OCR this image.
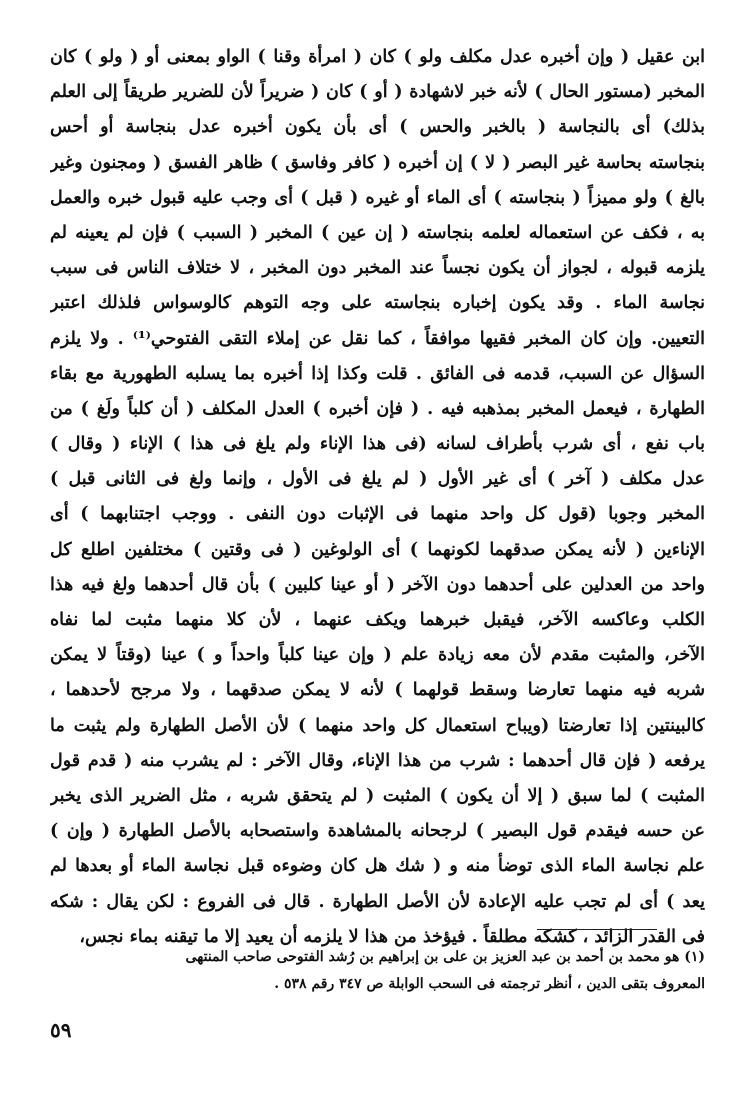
ابن عقيل ( وإن أخبره عدل مكلف ولو ) كان ( امرأة وقنا ) الواو بمعنى أو ( ولو ) كان
المخبر (مستور الحال ) لأنه خبر لاشهادة ( أو ) كان ( ضريراً لأن للضرير طريقاً إلى العلم
بذلك) أى بالنجاسة ( بالخبر والحس ) أى بأن يكون أخبره عدل بنجاسة أو أحس
بنجاسته بحاسة غير البصر ( لا ) إن أخبره ( كافر وفاسق ) ظاهر الفسق ( ومجنون وغير
بالغ ) ولو مميزاً ( بنجاسته ) أى الماء أو غيره ( قبل ) أى وجب عليه قبول خبره والعمل
به ، فكف عن استعماله لعلمه بنجاسته ( إن عين ) المخبر ( السبب ) فإن لم يعينه لم
يلزمه قبوله ، لجواز أن يكون نجساً عند المخبر دون المخبر ، لا ختلاف الناس فى سبب
نجاسة الماء . وقد يكون إخباره بنجاسته على وجه التوهم كالوسواس فلذلك اعتبر
التعيين. وإن كان المخبر فقيها موافقاً ، كما نقل عن إملاء التقى الفتوحي⁽¹⁾ . ولا يلزم
السؤال عن السبب، قدمه فى الفائق . قلت وكذا إذا أخبره بما يسلبه الطهورية مع بقاء
الطهارة ، فيعمل المخبر بمذهبه فيه . ( فإن أخبره ) العدل المكلف ( أن كلباً ولَغ ) من
باب نفع ، أى شرب بأطراف لسانه (فى هذا الإناء ولم يلغ فى هذا ) الإناء ( وقال )
عدل مكلف ( آخر ) أى غير الأول ( لم يلغ فى الأول ، وإنما ولغ فى الثانى قبل )
المخبر وجوبا (قول كل واحد منهما فى الإثبات دون النفى . ووجب اجتنابهما ) أى
الإناءين ( لأنه يمكن صدقهما لكونهما ) أى الولوغين ( فى وقتين ) مختلفين اطلع كل
واحد من العدلين على أحدهما دون الآخر ( أو عينا كلبين ) بأن قال أحدهما ولغ فيه هذا
الكلب وعاكسه الآخر، فيقبل خبرهما ويكف عنهما ، لأن كلا منهما مثبت لما نفاه
الآخر، والمثبت مقدم لأن معه زيادة علم ( وإن عينا كلباً واحداً و ) عينا (وقتاً لا يمكن
شربه فيه منهما تعارضا وسقط قولهما ) لأنه لا يمكن صدقهما ، ولا مرجح لأحدهما ،
كالبينتين إذا تعارضتا (ويباح استعمال كل واحد منهما ) لأن الأصل الطهارة ولم يثبت ما
يرفعه ( فإن قال أحدهما : شرب من هذا الإناء، وقال الآخر : لم يشرب منه ( قدم قول
المثبت ) لما سبق ( إلا أن يكون ) المثبت ( لم يتحقق شربه ، مثل الضرير الذى يخبر
عن حسه فيقدم قول البصير ) لرجحانه بالمشاهدة واستصحابه بالأصل الطهارة ( وإن )
علم نجاسة الماء الذى توضأ منه و ( شك هل كان وضوءه قبل نجاسة الماء أو بعدها لم
يعد ) أى لم تجب عليه الإعادة لأن الأصل الطهارة . قال فى الفروع : لكن يقال : شكه
فى القدر الزائد ، كشكه مطلقاً . فيؤخذ من هذا لا يلزمه أن يعيد إلا ما تيقنه بماء نجس،
(١) هو محمد بن أحمد بن عبد العزيز بن على بن إبراهيم بن رُشد الفتوحى صاحب المنتهى
المعروف بتقى الدين ، أنظر ترجمته فى السحب الوابلة ص ٣٤٧ رقم ٥٣٨ .
٥٩
